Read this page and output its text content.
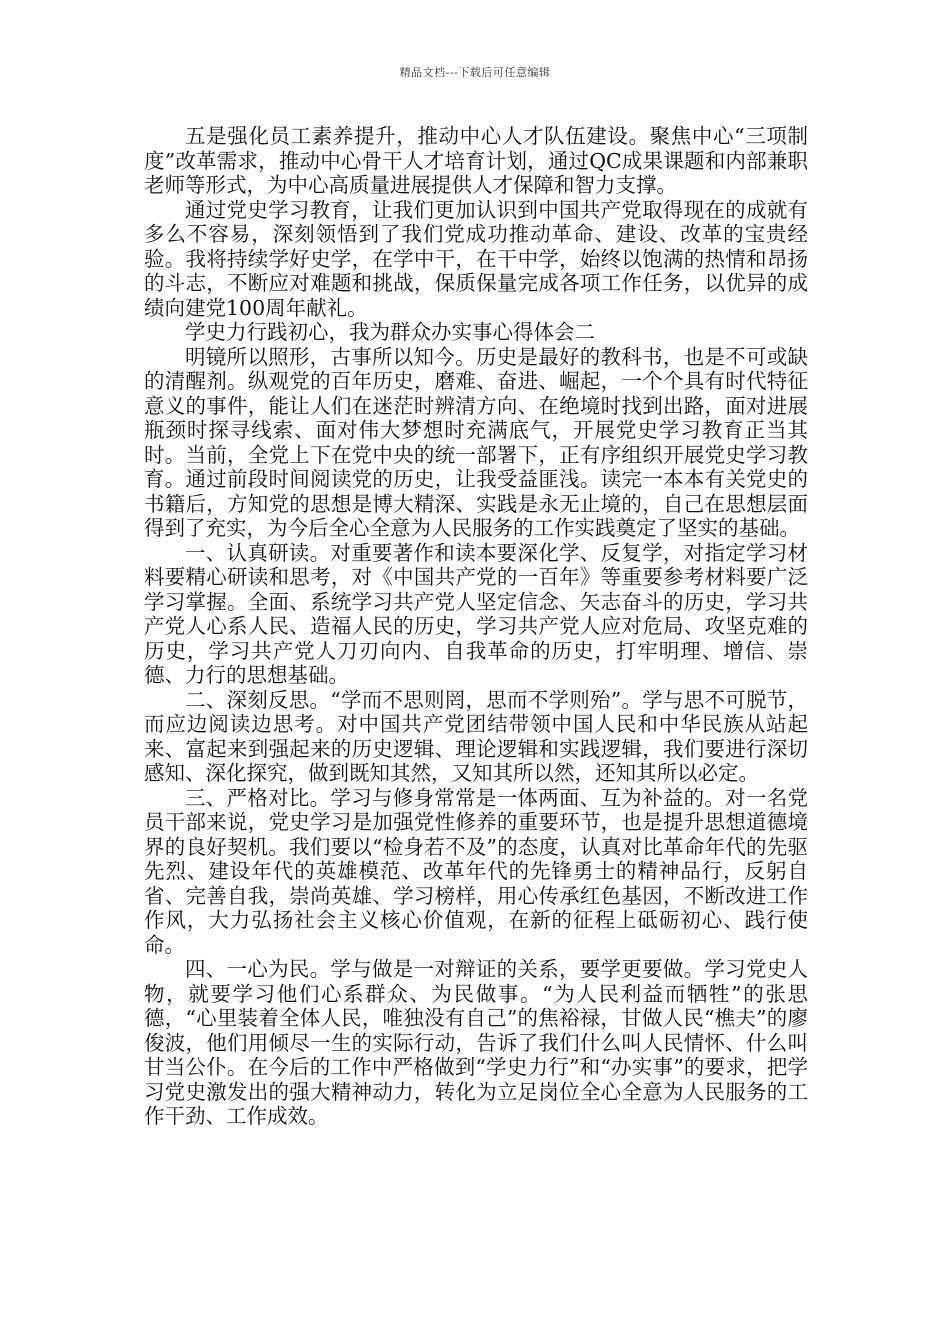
精品文档---下载后可任意编辑

五是强化员工素养提升，推动中心人才队伍建设。聚焦中心“三项制度”改革需求，推动中心骨干人才培育计划，通过QC成果课题和内部兼职老师等形式，为中心高质量进展提供人才保障和智力支撑。

通过党史学习教育，让我们更加认识到中国共产党取得现在的成就有多么不容易，深刻领悟到了我们党成功推动革命、建设、改革的宝贵经验。我将持续学好史学，在学中干，在干中学，始终以饱满的热情和昂扬的斗志，不断应对难题和挑战，保质保量完成各项工作任务，以优异的成绩向建党100周年献礼。

学史力行践初心，我为群众办实事心得体会二

明镜所以照形，古事所以知今。历史是最好的教科书，也是不可或缺的清醒剂。纵观党的百年历史，磨难、奋进、崛起，一个个具有时代特征意义的事件，能让人们在迷茫时辨清方向、在绝境时找到出路，面对进展瓶颈时探寻线索、面对伟大梦想时充满底气，开展党史学习教育正当其时。当前，全党上下在党中央的统一部署下，正有序组织开展党史学习教育。通过前段时间阅读党的历史，让我受益匪浅。读完一本本有关党史的书籍后，方知党的思想是博大精深、实践是永无止境的，自己在思想层面得到了充实，为今后全心全意为人民服务的工作实践奠定了坚实的基础。

一、认真研读。对重要著作和读本要深化学、反复学，对指定学习材料要精心研读和思考，对《中国共产党的一百年》等重要参考材料要广泛学习掌握。全面、系统学习共产党人坚定信念、矢志奋斗的历史，学习共产党人心系人民、造福人民的历史，学习共产党人应对危局、攻坚克难的历史，学习共产党人刀刃向内、自我革命的历史，打牢明理、增信、崇德、力行的思想基础。

二、深刻反思。“学而不思则罔，思而不学则殆”。学与思不可脱节，而应边阅读边思考。对中国共产党团结带领中国人民和中华民族从站起来、富起来到强起来的历史逻辑、理论逻辑和实践逻辑，我们要进行深切感知、深化探究，做到既知其然，又知其所以然，还知其所以必定。

三、严格对比。学习与修身常常是一体两面、互为补益的。对一名党员干部来说，党史学习是加强党性修养的重要环节，也是提升思想道德境界的良好契机。我们要以“检身若不及”的态度，认真对比革命年代的先驱先烈、建设年代的英雄模范、改革年代的先锋勇士的精神品行，反躬自省、完善自我，崇尚英雄、学习榜样，用心传承红色基因，不断改进工作作风，大力弘扬社会主义核心价值观，在新的征程上砥砺初心、践行使命。

四、一心为民。学与做是一对辩证的关系，要学更要做。学习党史人物，就要学习他们心系群众、为民做事。“为人民利益而牺牲”的张思德，“心里装着全体人民，唯独没有自己”的焦裕禄，甘做人民“樵夫”的廖俊波，他们用倾尽一生的实际行动，告诉了我们什么叫人民情怀、什么叫甘当公仆。在今后的工作中严格做到“学史力行”和“办实事”的要求，把学习党史激发出的强大精神动力，转化为立足岗位全心全意为人民服务的工作干劲、工作成效。
